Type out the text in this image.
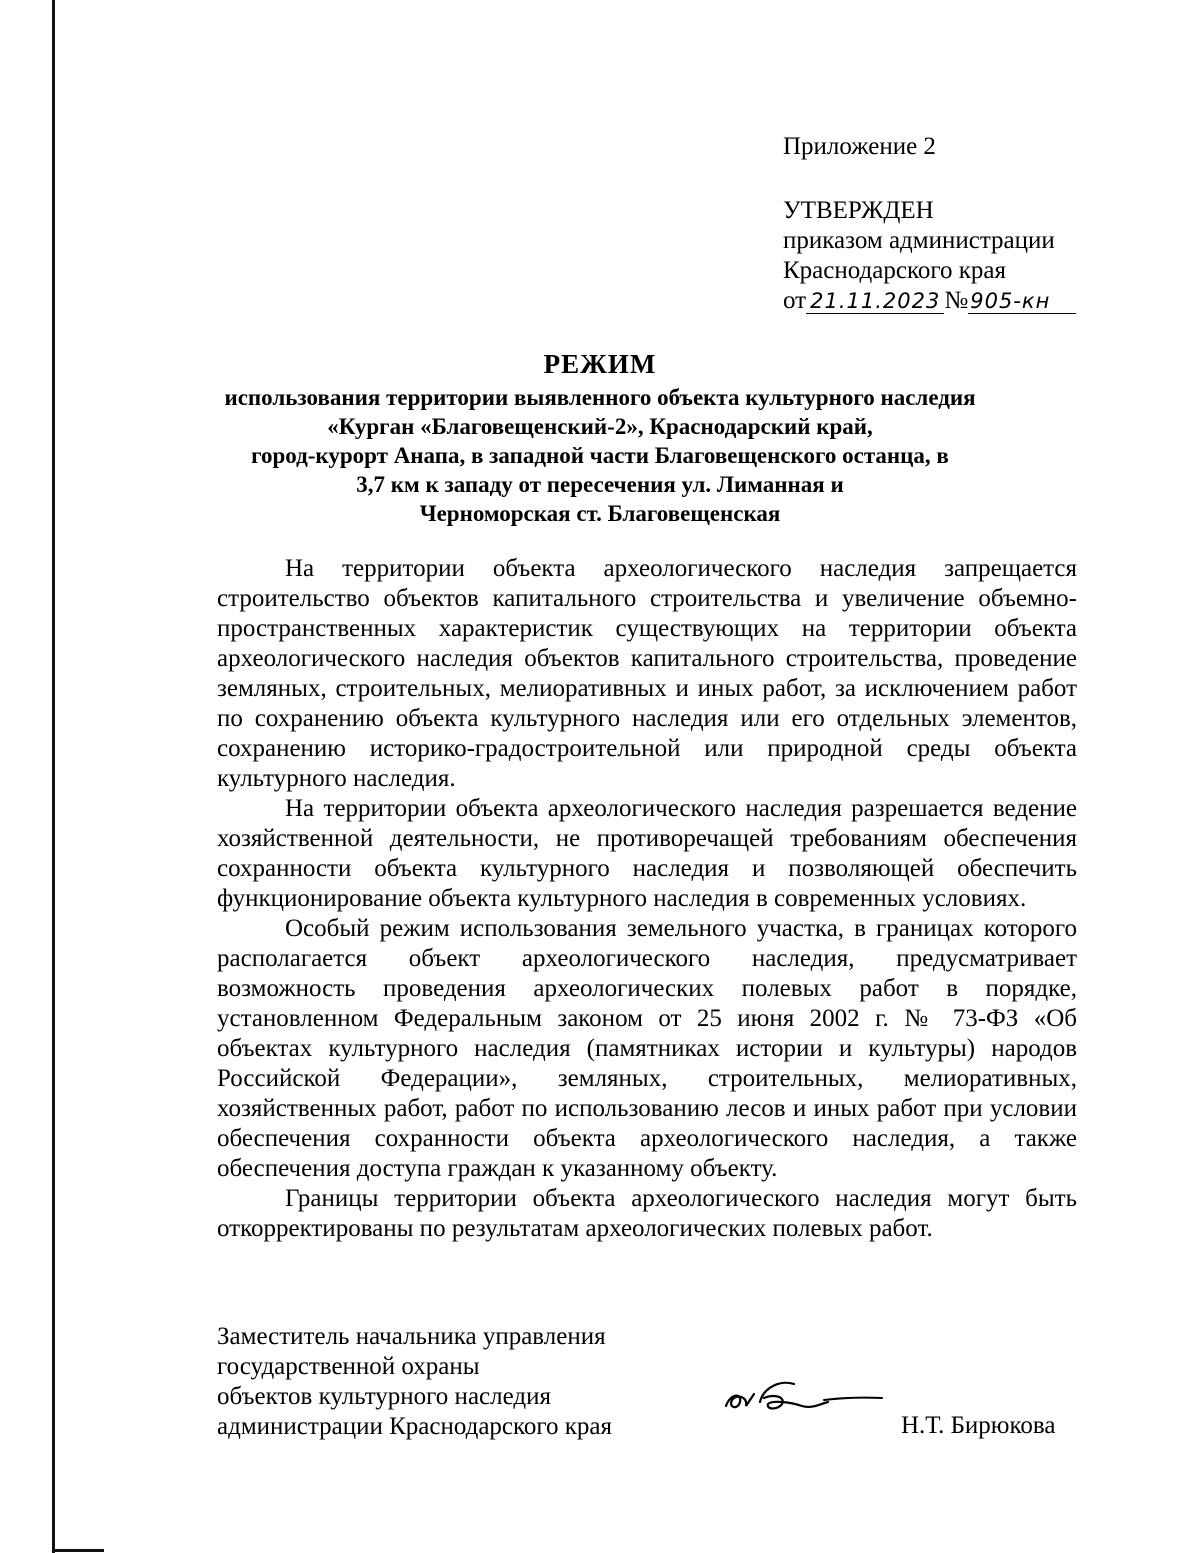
Приложение 2
УТВЕРЖДЕН
приказом администрации
Краснодарского края
от 21.11.2023 №905-кн
РЕЖИМ
использования территории выявленного объекта культурного наследия
«Курган «Благовещенский-2», Краснодарский край,
город-курорт Анапа, в западной части Благовещенского останца, в
3,7 км к западу от пересечения ул. Лиманная и
Черноморская ст. Благовещенская

На территории объекта археологического наследия запрещается строительство объектов капитального строительства и увеличение объемно-пространственных характеристик существующих на территории объекта археологического наследия объектов капитального строительства, проведение земляных, строительных, мелиоративных и иных работ, за исключением работ по сохранению объекта культурного наследия или его отдельных элементов, сохранению историко-градостроительной или природной среды объекта культурного наследия.

На территории объекта археологического наследия разрешается ведение хозяйственной деятельности, не противоречащей требованиям обеспечения сохранности объекта культурного наследия и позволяющей обеспечить функционирование объекта культурного наследия в современных условиях.

Особый режим использования земельного участка, в границах которого располагается объект археологического наследия, предусматривает возможность проведения археологических полевых работ в порядке, установленном Федеральным законом от 25 июня 2002 г. № 73-ФЗ «Об объектах культурного наследия (памятниках истории и культуры) народов Российской Федерации», земляных, строительных, мелиоративных, хозяйственных работ, работ по использованию лесов и иных работ при условии обеспечения сохранности объекта археологического наследия, а также обеспечения доступа граждан к указанному объекту.

Границы территории объекта археологического наследия могут быть откорректированы по результатам археологических полевых работ.

Заместитель начальника управления
государственной охраны
объектов культурного наследия
администрации Краснодарского края	Н.Т. Бирюкова
